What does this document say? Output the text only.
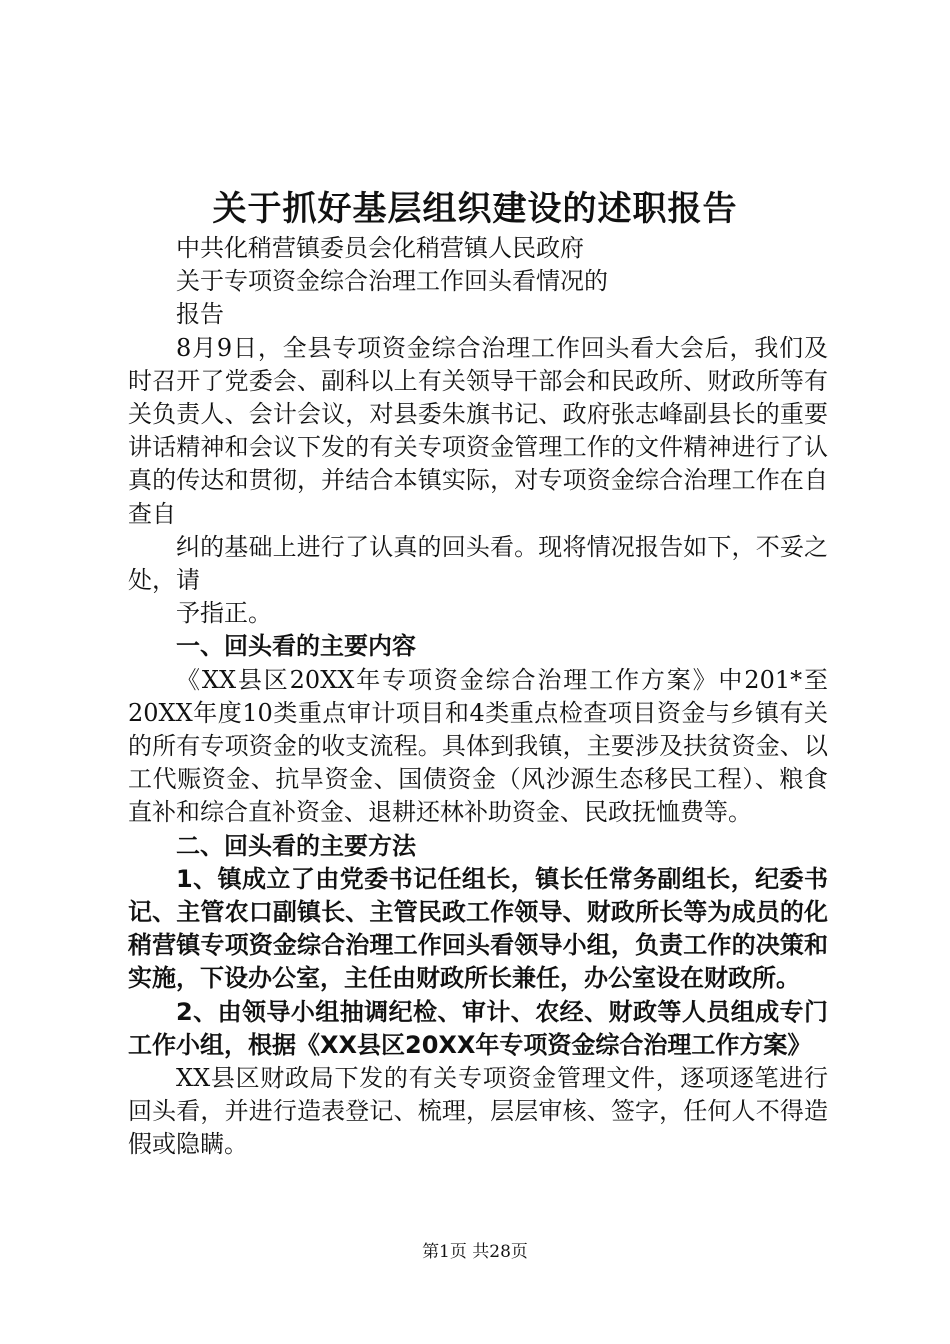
关于抓好基层组织建设的述职报告

中共化稍营镇委员会化稍营镇人民政府

关于专项资金综合治理工作回头看情况的

报告

8月9日，全县专项资金综合治理工作回头看大会后，我们及时召开了党委会、副科以上有关领导干部会和民政所、财政所等有关负责人、会计会议，对县委朱旗书记、政府张志峰副县长的重要讲话精神和会议下发的有关专项资金管理工作的文件精神进行了认真的传达和贯彻，并结合本镇实际，对专项资金综合治理工作在自查自

纠的基础上进行了认真的回头看。现将情况报告如下，不妥之处，请

予指正。

一、回头看的主要内容

《XX县区20XX年专项资金综合治理工作方案》中201*至20XX年度10类重点审计项目和4类重点检查项目资金与乡镇有关的所有专项资金的收支流程。具体到我镇，主要涉及扶贫资金、以工代赈资金、抗旱资金、国债资金（风沙源生态移民工程）、粮食直补和综合直补资金、退耕还林补助资金、民政抚恤费等。

二、回头看的主要方法

1、镇成立了由党委书记任组长，镇长任常务副组长，纪委书记、主管农口副镇长、主管民政工作领导、财政所长等为成员的化稍营镇专项资金综合治理工作回头看领导小组，负责工作的决策和实施，下设办公室，主任由财政所长兼任，办公室设在财政所。

2、由领导小组抽调纪检、审计、农经、财政等人员组成专门工作小组，根据《XX县区20XX年专项资金综合治理工作方案》

XX县区财政局下发的有关专项资金管理文件，逐项逐笔进行回头看，并进行造表登记、梳理，层层审核、签字，任何人不得造假或隐瞒。

第1页 共28页
